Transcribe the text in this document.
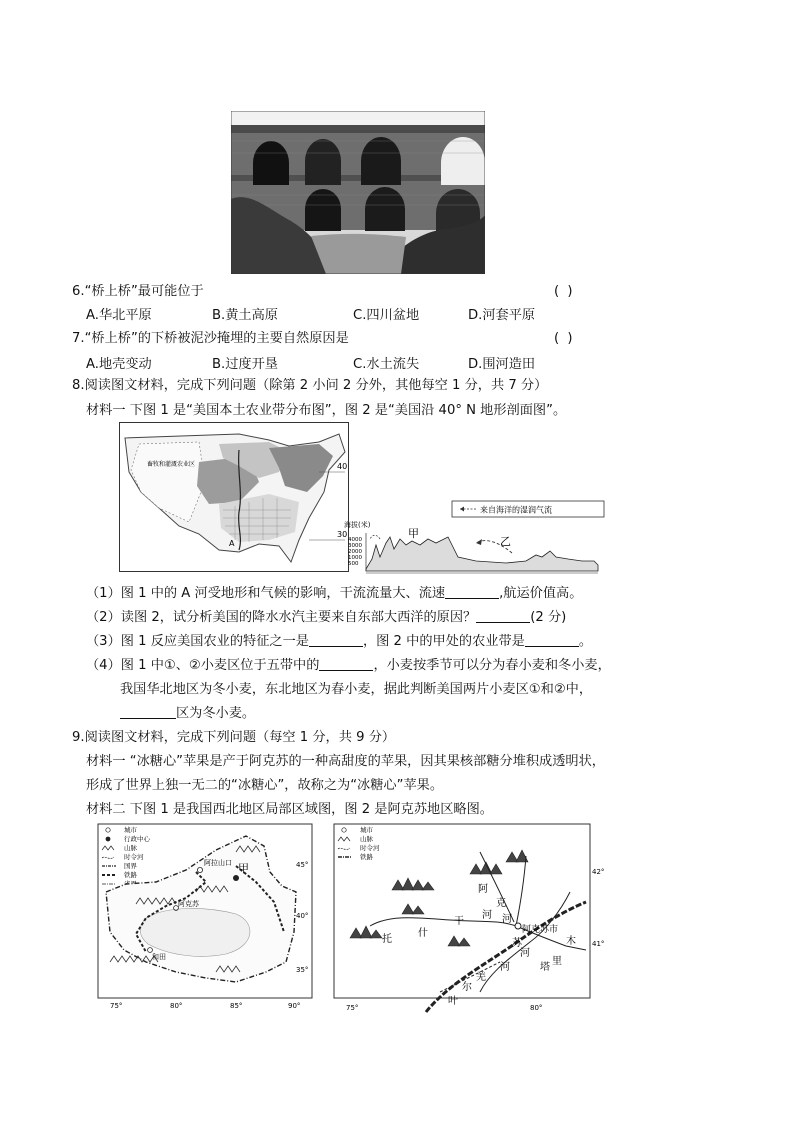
6.“桥上桥”最可能位于	( )
A.华北平原	B.黄土高原	C.四川盆地	D.河套平原
7.“桥上桥”的下桥被泥沙掩埋的主要自然原因是	( )
A.地壳变动	B.过度开垦	C.水土流失	D.围河造田
8.阅读图文材料，完成下列问题（除第 2 小问 2 分外，其他每空 1 分，共 7 分）
材料一 下图 1 是“美国本土农业带分布图”，图 2 是“美国沿 40° N 地形剖面图”。
畜牧和灌溉农业区	40
30
A
来自海洋的湿润气流
海拔(米)
4000
3000
2000
1000
500
甲
乙
（1）图 1 中的 A 河受地形和气候的影响，干流流量大、流速	,航运价值高。
（2）读图 2，试分析美国的降水水汽主要来自东部大西洋的原因？	(2 分)
（3）图 1 反应美国农业的特征之一是	，图 2 中的甲处的农业带是	。
（4）图 1 中①、②小麦区位于五带中的	，小麦按季节可以分为春小麦和冬小麦，
我国华北地区为冬小麦，东北地区为春小麦，据此判断美国两片小麦区①和②中，
区为冬小麦。
9.阅读图文材料，完成下列问题（每空 1 分，共 9 分）
材料一 “冰糖心”苹果是产于阿克苏的一种高甜度的苹果，因其果核部糖分堆积成透明状，
形成了世界上独一无二的“冰糖心”，故称之为“冰糖心”苹果。
材料二 下图 1 是我国西北地区局部区域图，图 2 是阿克苏地区略图。
城市
行政中心
山脉
时令河
国界
铁路
阿拉山口 甲
阿克苏
和田
45°
40°
35°
75°	80°	85°	90°
城市
山脉
时令河
铁路
阿克苏市
阿
克
苏
河
托
什
干
河
塔
里
木
河
叶
尔
羌
河
42°
41°
75°	80°
